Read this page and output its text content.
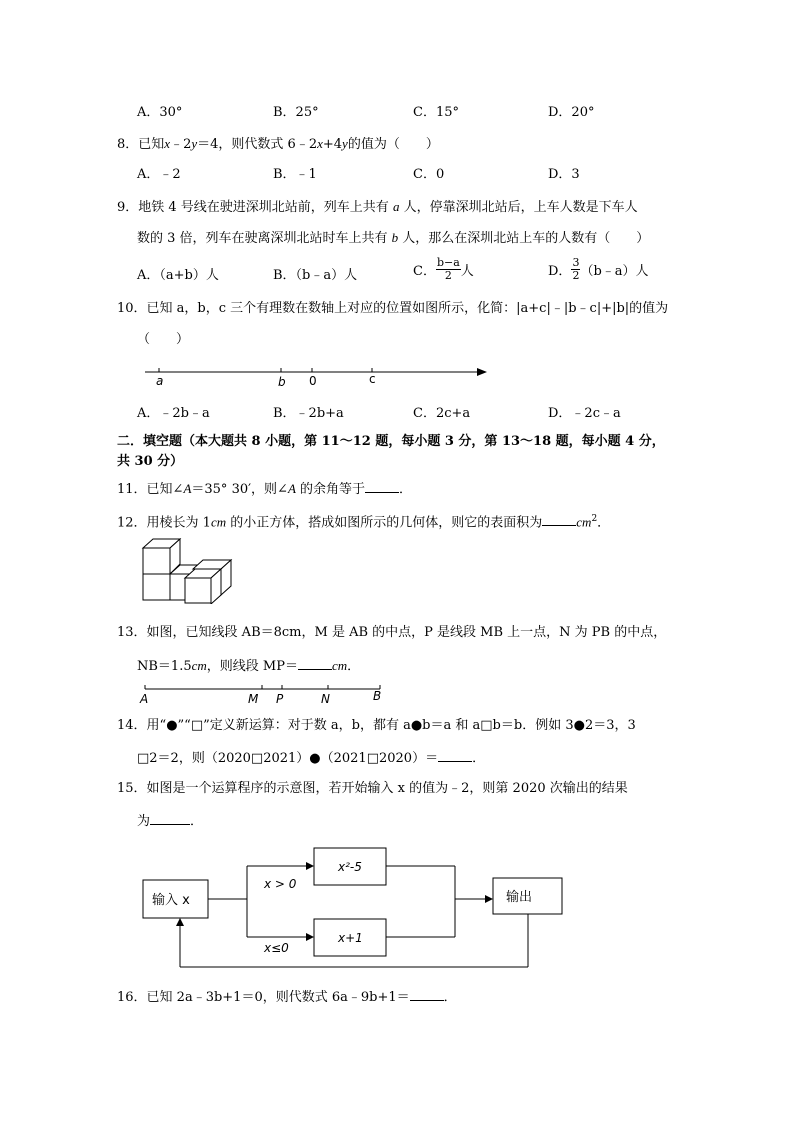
A．30°	B．25°	C．15°	D．20°
8．已知x﹣2y＝4，则代数式 6﹣2x+4y的值为（　　）
A．﹣2	B．﹣1	C．0	D．3
9．地铁 4 号线在驶进深圳北站前，列车上共有 a 人，停靠深圳北站后，上车人数是下车人
数的 3 倍，列车在驶离深圳北站时车上共有 b 人，那么在深圳北站上车的人数有（　　）
A．（a+b）人	B．（b﹣a）人	C． $\frac{b-a}{2}$ 人	D． $\frac{3}{2}$ （b﹣a）人
10．已知 a，b，c 三个有理数在数轴上对应的位置如图所示，化简：|a+c|﹣|b﹣c|+|b|的值为
（　　）
a	b 0	c
A．﹣2b﹣a	B．﹣2b+a	C．2c+a	D．﹣2c﹣a
二．填空题（本大题共 8 小题，第 11～12 题，每小题 3 分，第 13～18 题，每小题 4 分，
共 30 分）
11．已知∠A＝35° 30′，则∠A 的余角等于	．
12．用棱长为 1cm 的小正方体，搭成如图所示的几何体，则它的表面积为	$cm^2$．
13．如图，已知线段 AB＝8cm，M 是 AB 的中点，P 是线段 MB 上一点，N 为 PB 的中点，
NB＝1.5cm，则线段 MP＝	cm．
A	M P	N	B
14．用“●”“□”定义新运算：对于数 a，b，都有 a●b＝a 和 a□b＝b．例如 3●2＝3，3
□2＝2，则（2020□2021）●（2021□2020）＝	．
15．如图是一个运算程序的示意图，若开始输入 x 的值为﹣2，则第 2020 次输出的结果
为	．
输入 x
x > 0
x≤0
x²-5
x+1
输出
16．已知 2a﹣3b+1＝0，则代数式 6a﹣9b+1＝	．
